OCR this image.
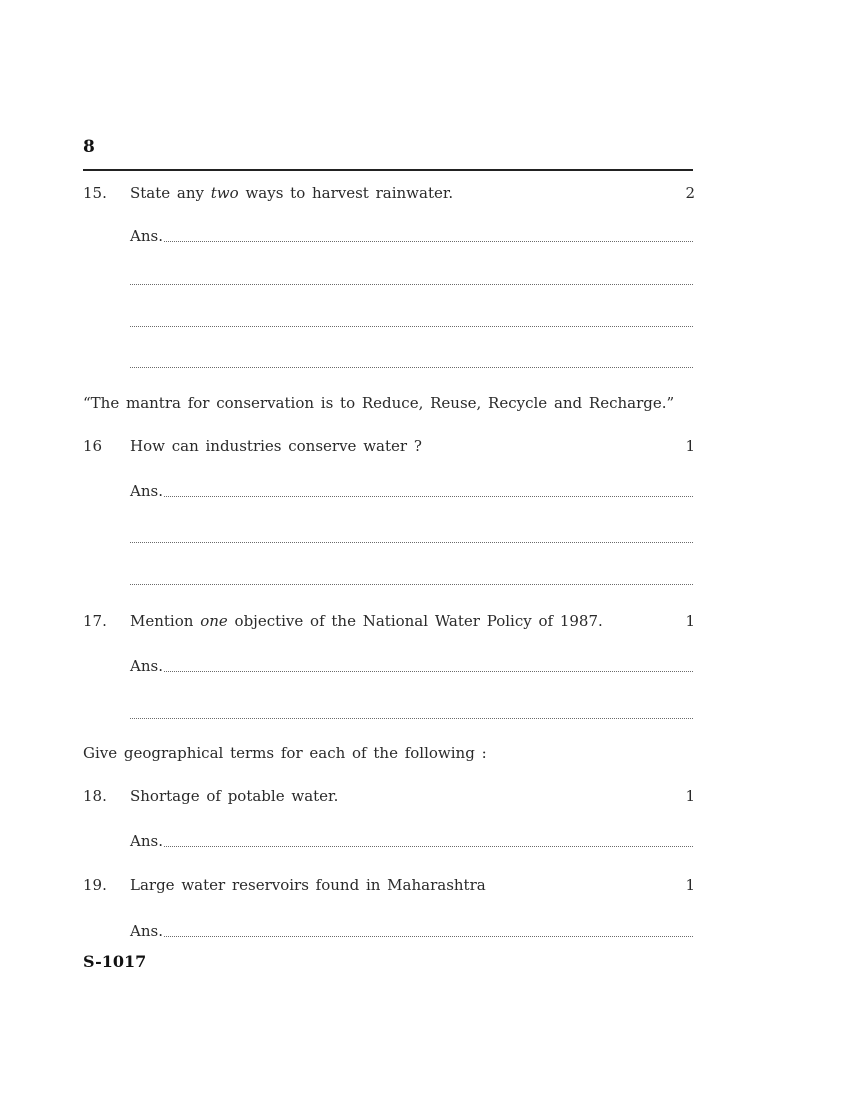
8
15. State any two ways to harvest rainwater.	2
Ans.
“The mantra for conservation is to Reduce, Reuse, Recycle and Recharge.”
16 How can industries conserve water ?	1
Ans.
17. Mention one objective of the National Water Policy of 1987.	1
Ans.
Give geographical terms for each of the following :
18. Shortage of potable water.	1
Ans.
19. Large water reservoirs found in Maharashtra	1
Ans.
S-1017
